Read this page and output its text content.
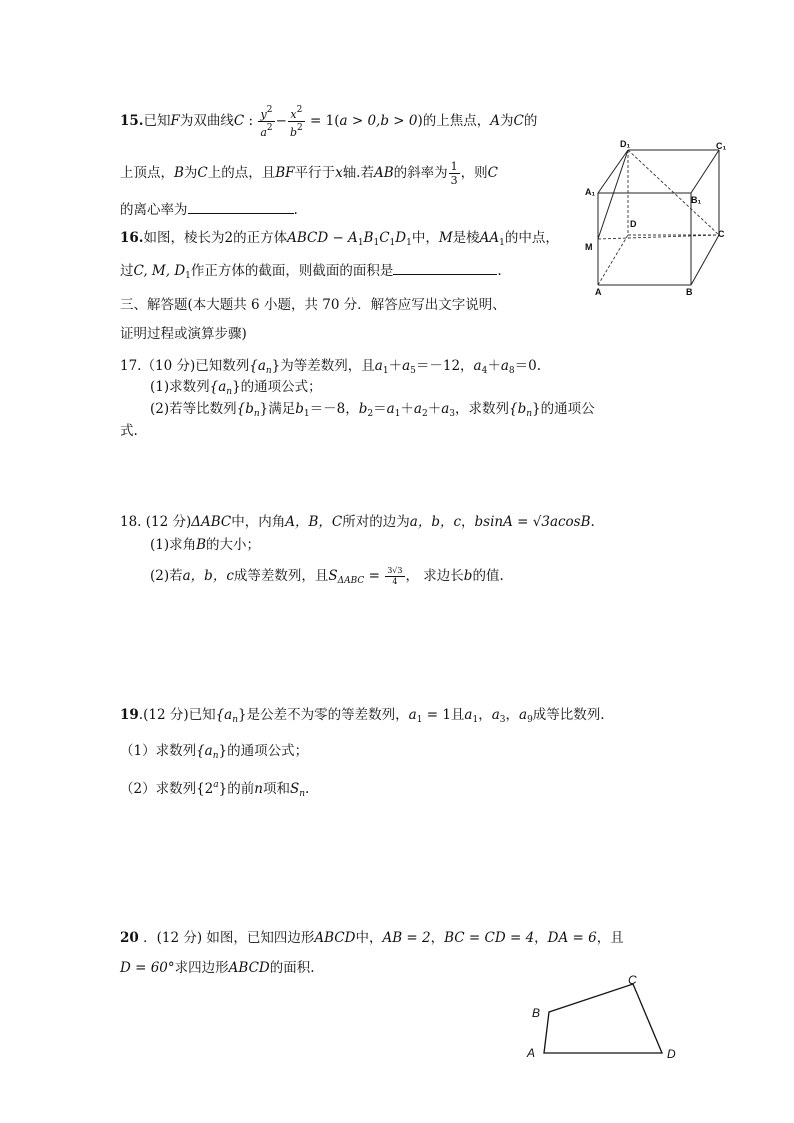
15.已知F为双曲线C : $\frac{y^2}{a^2} - \frac{x^2}{b^2} = 1(a > 0,b > 0)$的上焦点，A为C的
上顶点，B为C上的点，且BF平行于x轴.若AB的斜率为 $\frac{1}{3}$ ，则C
的离心率为	.
16.如图，棱长为2的正方体ABCD − $A_1B_1C_1D_1$中，M是棱$AA_1$的中点，
过C, M, $D_1$作正方体的截面，则截面的面积是	.
三、解答题(本大题共 6 小题，共 70 分．解答应写出文字说明、
证明过程或演算步骤)
17.（10 分)已知数列$\{a_n\}$为等差数列，且$a_1+a_5=-12$，$a_4+a_8=0$.
(1)求数列$\{a_n\}$的通项公式；
(2)若等比数列$\{b_n\}$满足$b_1=-8$，$b_2=a_1+a_2+a_3$，求数列$\{b_n\}$的通项公
式.
18. (12 分)ΔABC中，内角A，B，C所对的边为a，b，c，bsinA = √3acosB.
(1)求角B的大小；
(2)若a，b，c成等差数列，且$S_{\Delta ABC} = \frac{3√3}{4}$ ， 求边长b的值.
19.(12 分)已知$\{a_n\}$是公差不为零的等差数列，$a_1 = 1$且$a_1$，$a_3$，$a_9$成等比数列.
（1）求数列$\{a_n\}$的通项公式；
（2）求数列{2$^a$}的前n项和$S_n$.
20 ．(12 分) 如图，已知四边形ABCD中，AB = 2，BC = CD = 4，DA = 6，且
D = 60°求四边形ABCD的面积.
D₁	C₁
A₁
B₁
D
C
M
A	B
A
B
C
D
